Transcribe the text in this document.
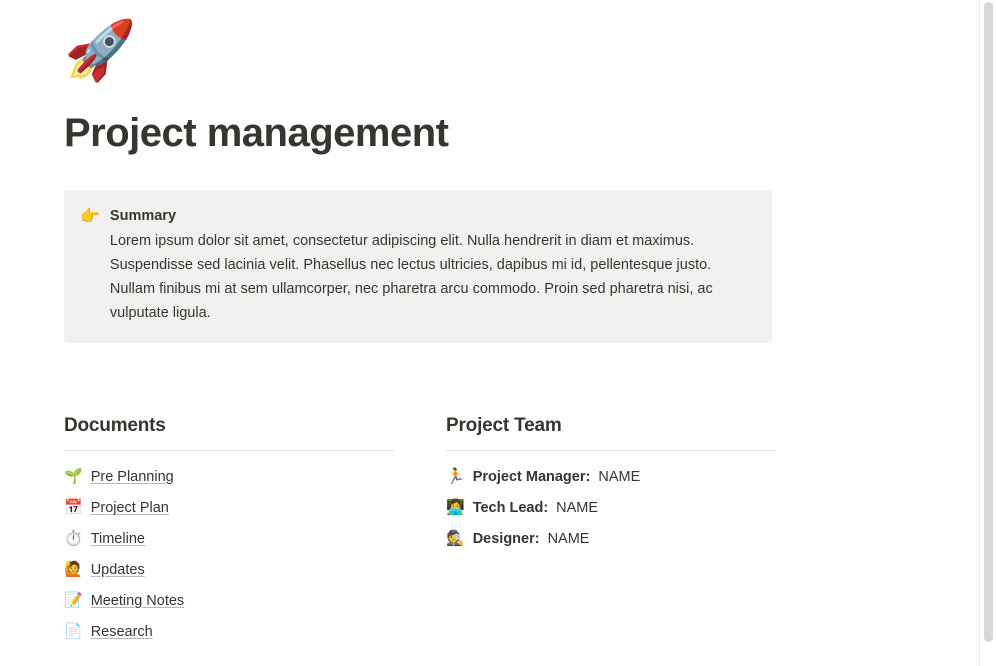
🚀
Project management
👉 Summary
Lorem ipsum dolor sit amet, consectetur adipiscing elit. Nulla hendrerit in diam et maximus. Suspendisse sed lacinia velit. Phasellus nec lectus ultricies, dapibus mi id, pellentesque justo. Nullam finibus mi at sem ullamcorper, nec pharetra arcu commodo. Proin sed pharetra nisi, ac vulputate ligula.
Documents
🌱 Pre Planning
📅 Project Plan
⏱️ Timeline
🙋 Updates
📝 Meeting Notes
📄 Research
Project Team
🏃 Project Manager: NAME
👩‍💻 Tech Lead: NAME
🕵️ Designer: NAME
